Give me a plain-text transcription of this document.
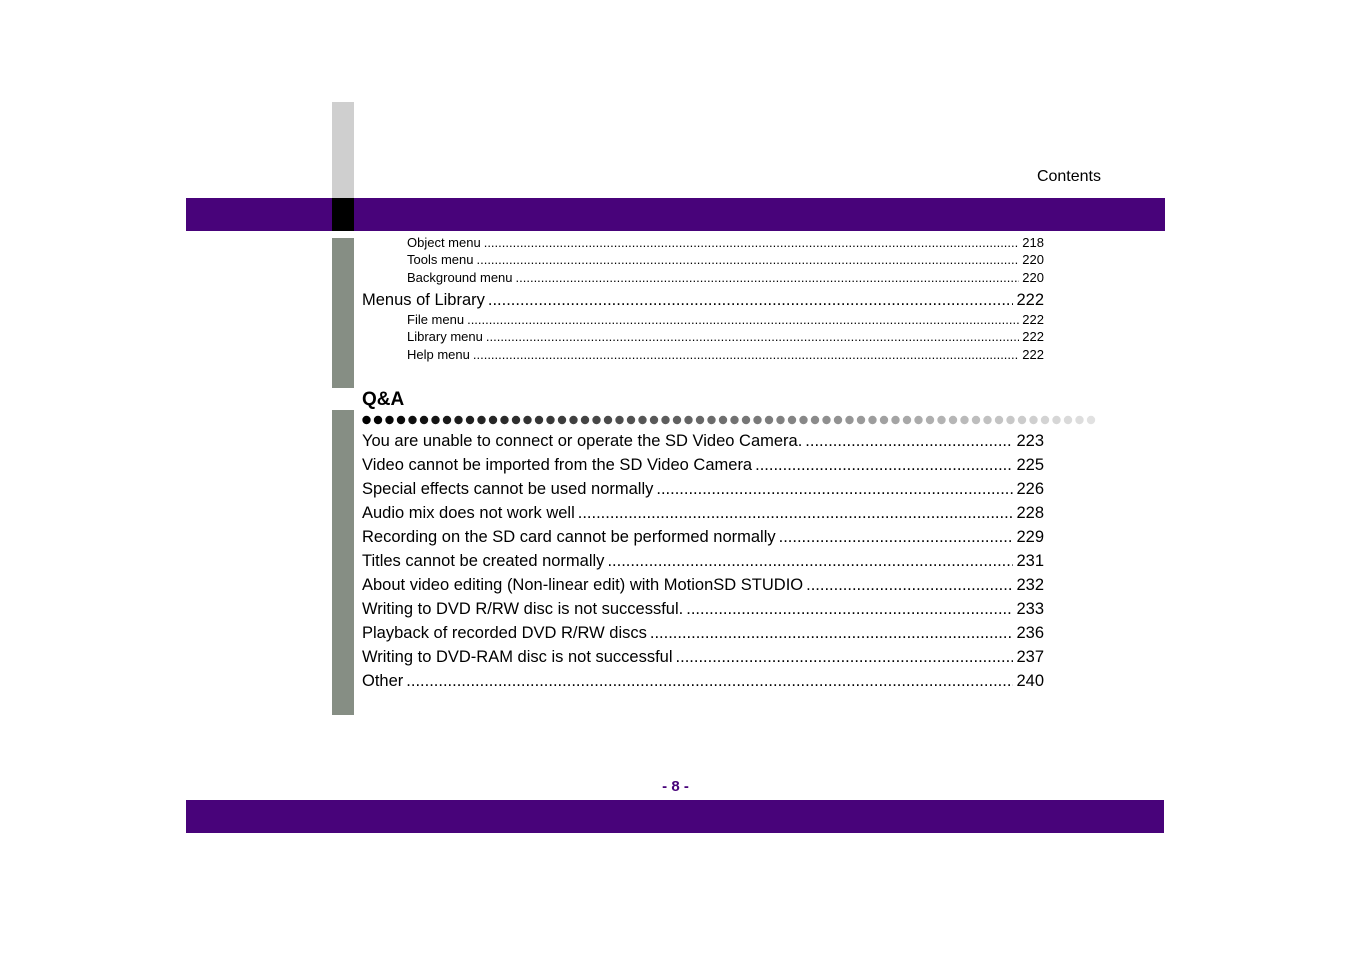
Contents
Object menu .....	218
Tools menu .....	220
Background menu .....	220
Menus of Library .....	222
File menu .....	222
Library menu .....	222
Help menu .....	222
Q&A
You are unable to connect or operate the SD Video Camera. .....	223
Video cannot be imported from the SD Video Camera .....	225
Special effects cannot be used normally .....	226
Audio mix does not work well .....	228
Recording on the SD card cannot be performed normally .....	229
Titles cannot be created normally .....	231
About video editing (Non-linear edit) with MotionSD STUDIO .....	232
Writing to DVD R/RW disc is not successful. .....	233
Playback of recorded DVD R/RW discs .....	236
Writing to DVD-RAM disc is not successful .....	237
Other .....	240
- 8 -
